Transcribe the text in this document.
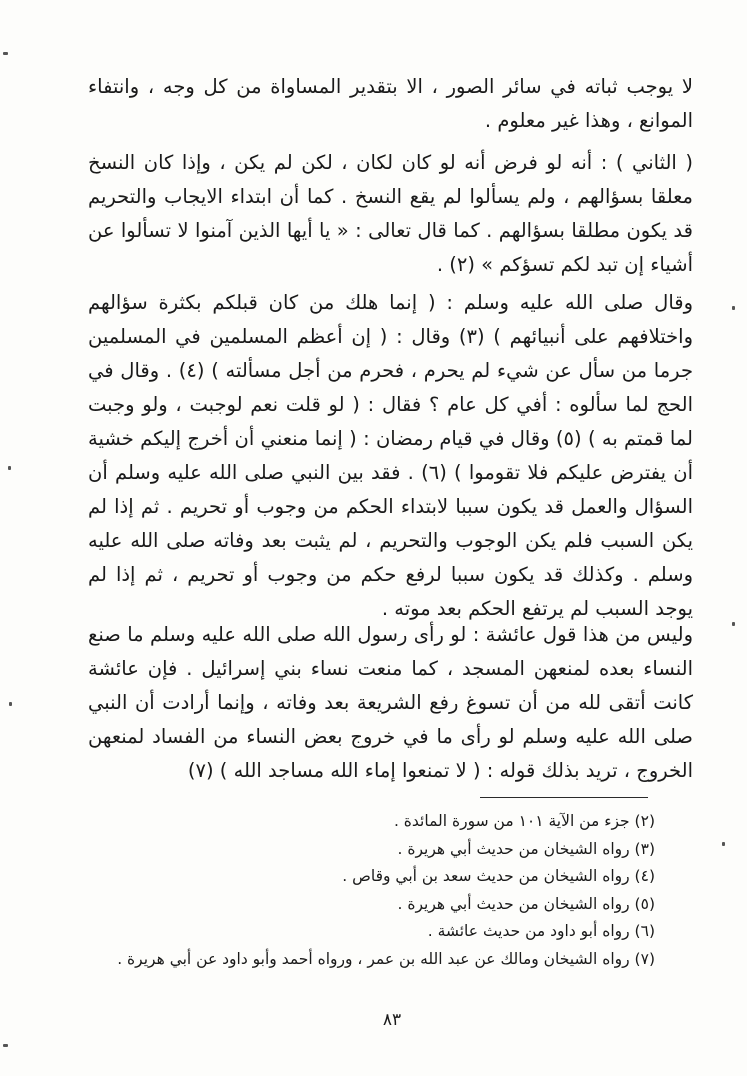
لا يوجب ثباته في سائر الصور ، الا بتقدير المساواة من كل وجه ، وانتفاء الموانع ، وهذا غير معلوم .

( الثاني ) : أنه لو فرض أنه لو كان لكان ، لكن لم يكن ، وإذا كان النسخ معلقا بسؤالهم ، ولم يسألوا لم يقع النسخ . كما أن ابتداء الايجاب والتحريم قد يكون مطلقا بسؤالهم . كما قال تعالى : « يا أيها الذين آمنوا لا تسألوا عن أشياء إن تبد لكم تسؤكم » (٢) .

وقال صلى الله عليه وسلم : ( إنما هلك من كان قبلكم بكثرة سؤالهم واختلافهم على أنبيائهم ) (٣) وقال : ( إن أعظم المسلمين في المسلمين جرما من سأل عن شيء لم يحرم ، فحرم من أجل مسألته ) (٤) . وقال في الحج لما سألوه : أفي كل عام ؟ فقال : ( لو قلت نعم لوجبت ، ولو وجبت لما قمتم به ) (٥) وقال في قيام رمضان : ( إنما منعني أن أخرج إليكم خشية أن يفترض عليكم فلا تقوموا ) (٦) . فقد بين النبي صلى الله عليه وسلم أن السؤال والعمل قد يكون سببا لابتداء الحكم من وجوب أو تحريم . ثم إذا لم يكن السبب فلم يكن الوجوب والتحريم ، لم يثبت بعد وفاته صلى الله عليه وسلم . وكذلك قد يكون سببا لرفع حكم من وجوب أو تحريم ، ثم إذا لم يوجد السبب لم يرتفع الحكم بعد موته .

وليس من هذا قول عائشة : لو رأى رسول الله صلى الله عليه وسلم ما صنع النساء بعده لمنعهن المسجد ، كما منعت نساء بني إسرائيل . فإن عائشة كانت أتقى لله من أن تسوغ رفع الشريعة بعد وفاته ، وإنما أرادت أن النبي صلى الله عليه وسلم لو رأى ما في خروج بعض النساء من الفساد لمنعهن الخروج ، تريد بذلك قوله : ( لا تمنعوا إماء الله مساجد الله ) (٧)

(٢) جزء من الآية ١٠١ من سورة المائدة .

(٣) رواه الشيخان من حديث أبي هريرة .

(٤) رواه الشيخان من حديث سعد بن أبي وقاص .

(٥) رواه الشيخان من حديث أبي هريرة .

(٦) رواه أبو داود من حديث عائشة .

(٧) رواه الشيخان ومالك عن عبد الله بن عمر ، ورواه أحمد وأبو داود عن أبي هريرة .

٨٣
